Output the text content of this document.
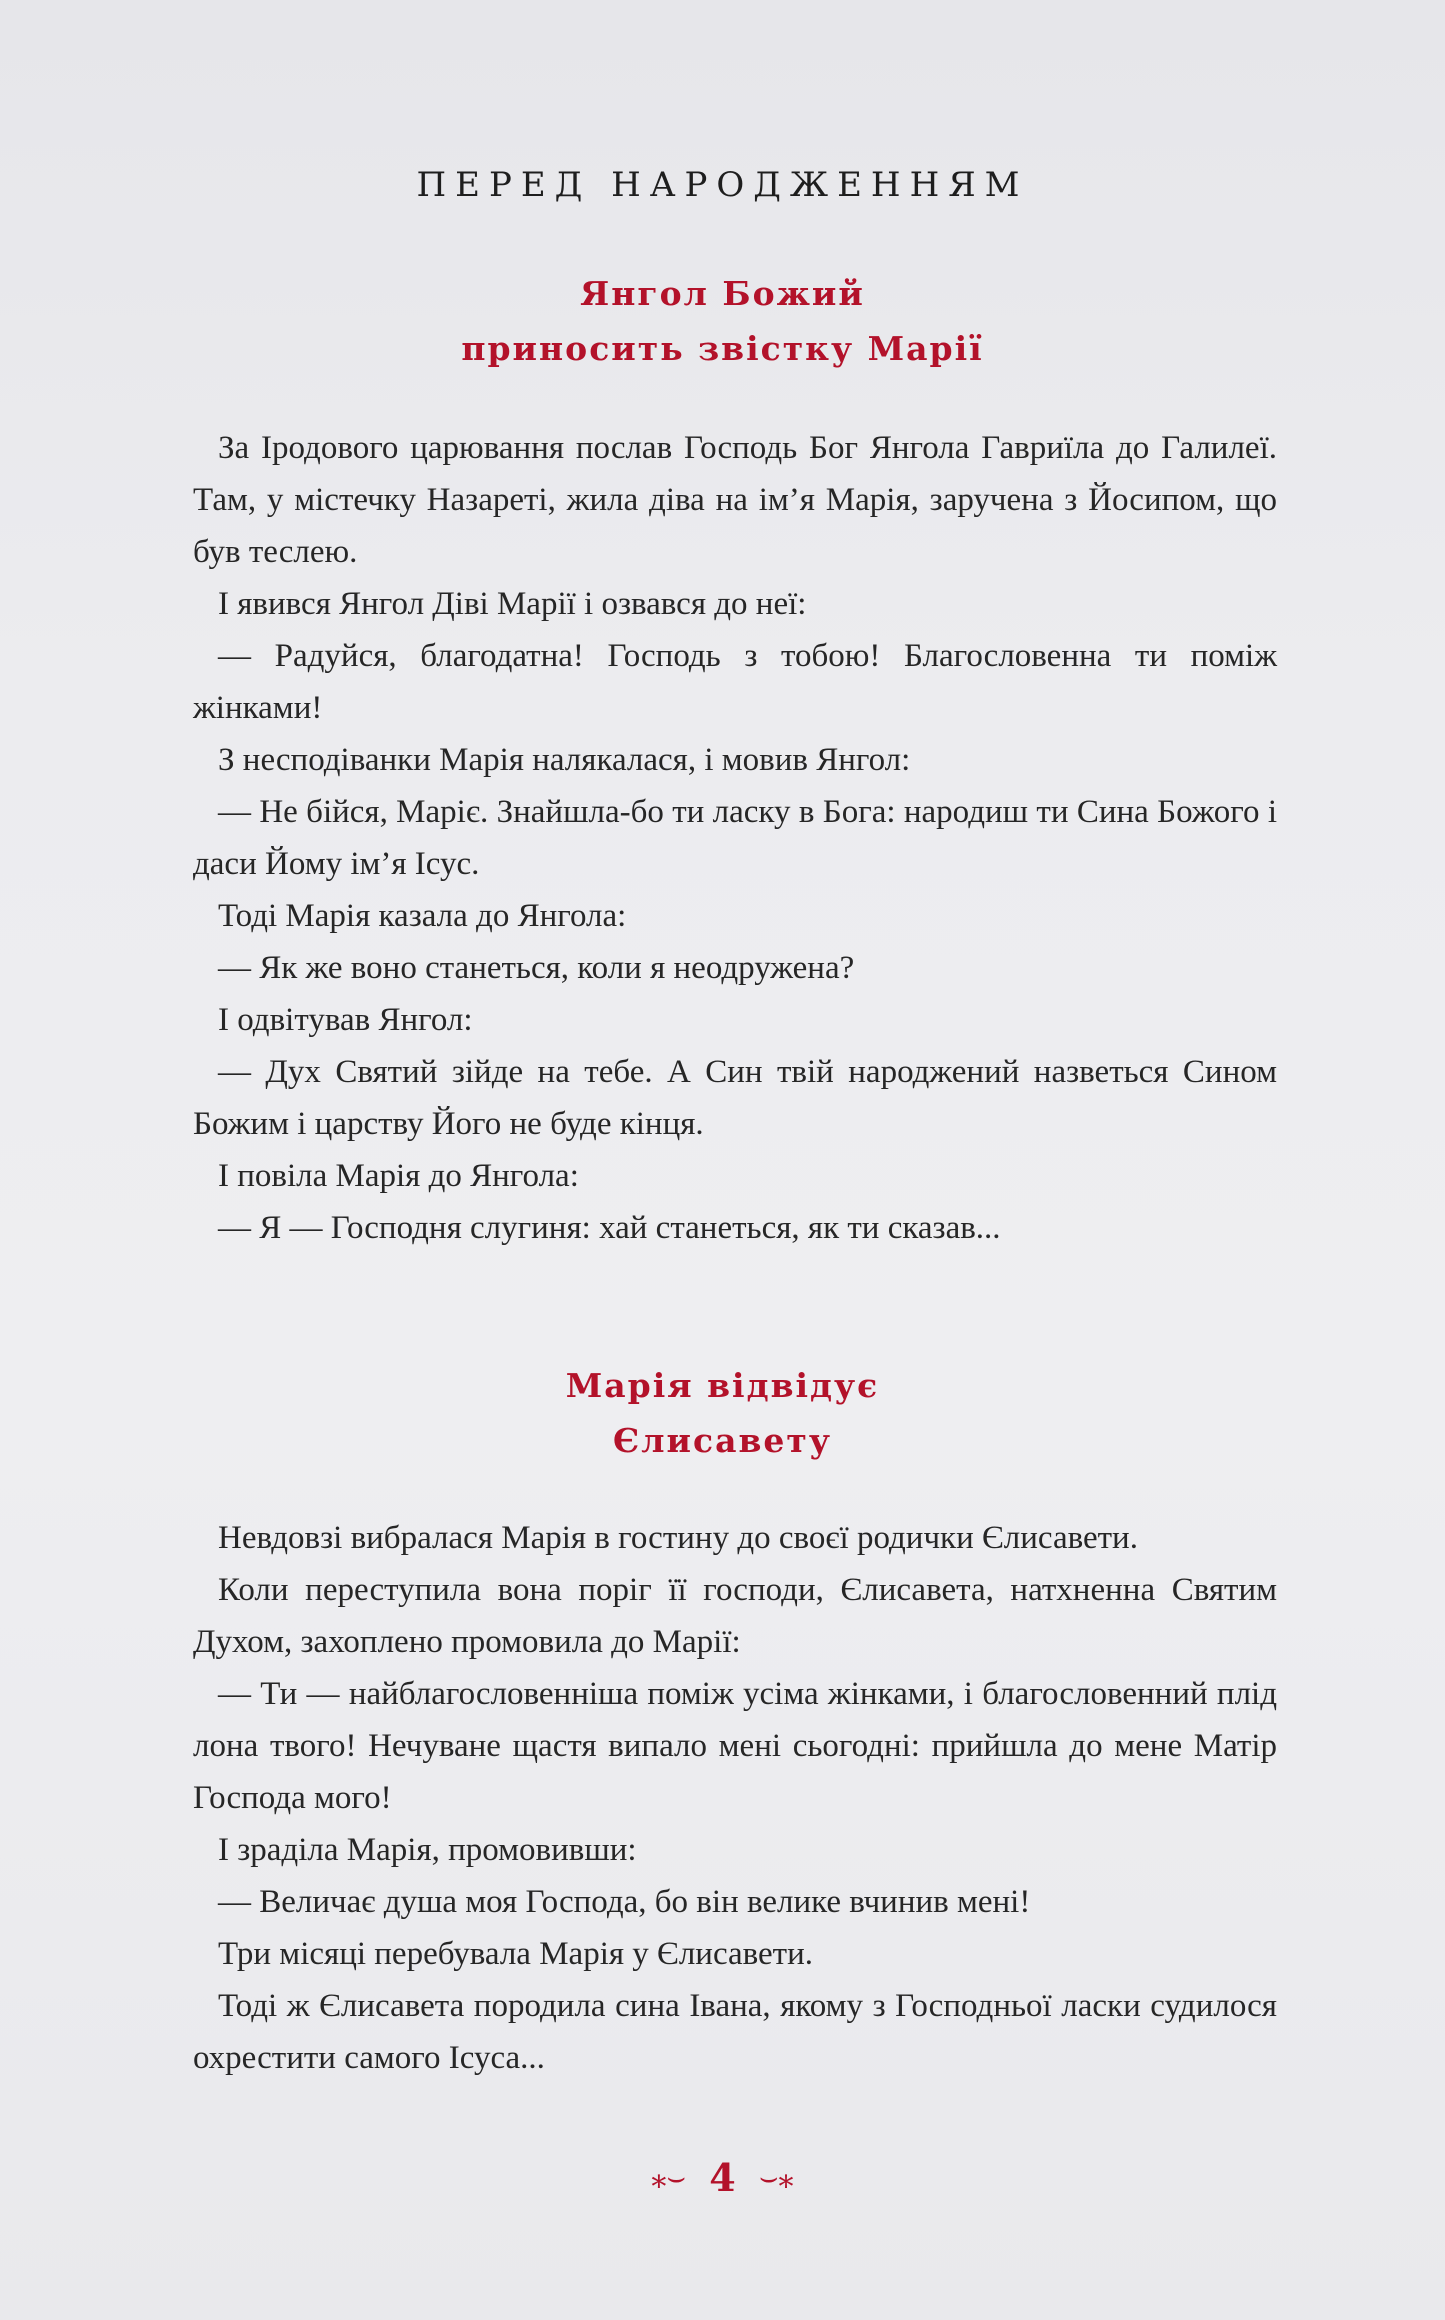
ПЕРЕД НАРОДЖЕННЯМ
Янгол Божий
приносить звістку Марії

За Іродового царювання послав Господь Бог Янгола Гавриїла до Галилеї. Там, у містечку Назареті, жила діва на ім’я Марія, заручена з Йосипом, що був теслею.

І явився Янгол Діві Марії і озвався до неї:

— Радуйся, благодатна! Господь з тобою! Благословенна ти поміж жінками!

З несподіванки Марія налякалася, і мовив Янгол:

— Не бійся, Маріє. Знайшла-бо ти ласку в Бога: народиш ти Сина Божого і даси Йому ім’я Ісус.

Тоді Марія казала до Янгола:

— Як же воно станеться, коли я неодружена?

І одвітував Янгол:

— Дух Святий зійде на тебе. А Син твій народжений назветься Сином Божим і царству Його не буде кінця.

І повіла Марія до Янгола:

— Я — Господня слугиня: хай станеться, як ти сказав...

Марія відвідує
Єлисавету

Невдовзі вибралася Марія в гостину до своєї родички Єлисавети.

Коли переступила вона поріг її господи, Єлисавета, натхненна Святим Духом, захоплено промовила до Марії:

— Ти — найблагословенніша поміж усіма жінками, і благословенний плід лона твого! Нечуване щастя випало мені сьогодні: прийшла до мене Матір Господа мого!

І зраділа Марія, промовивши:

— Величає душа моя Господа, бо він велике вчинив мені!

Три місяці перебувала Марія у Єлисавети.

Тоді ж Єлисавета породила сина Івана, якому з Господньої ласки судилося охрестити самого Ісуса...

⁎⌣ 4 ⌣⁎
